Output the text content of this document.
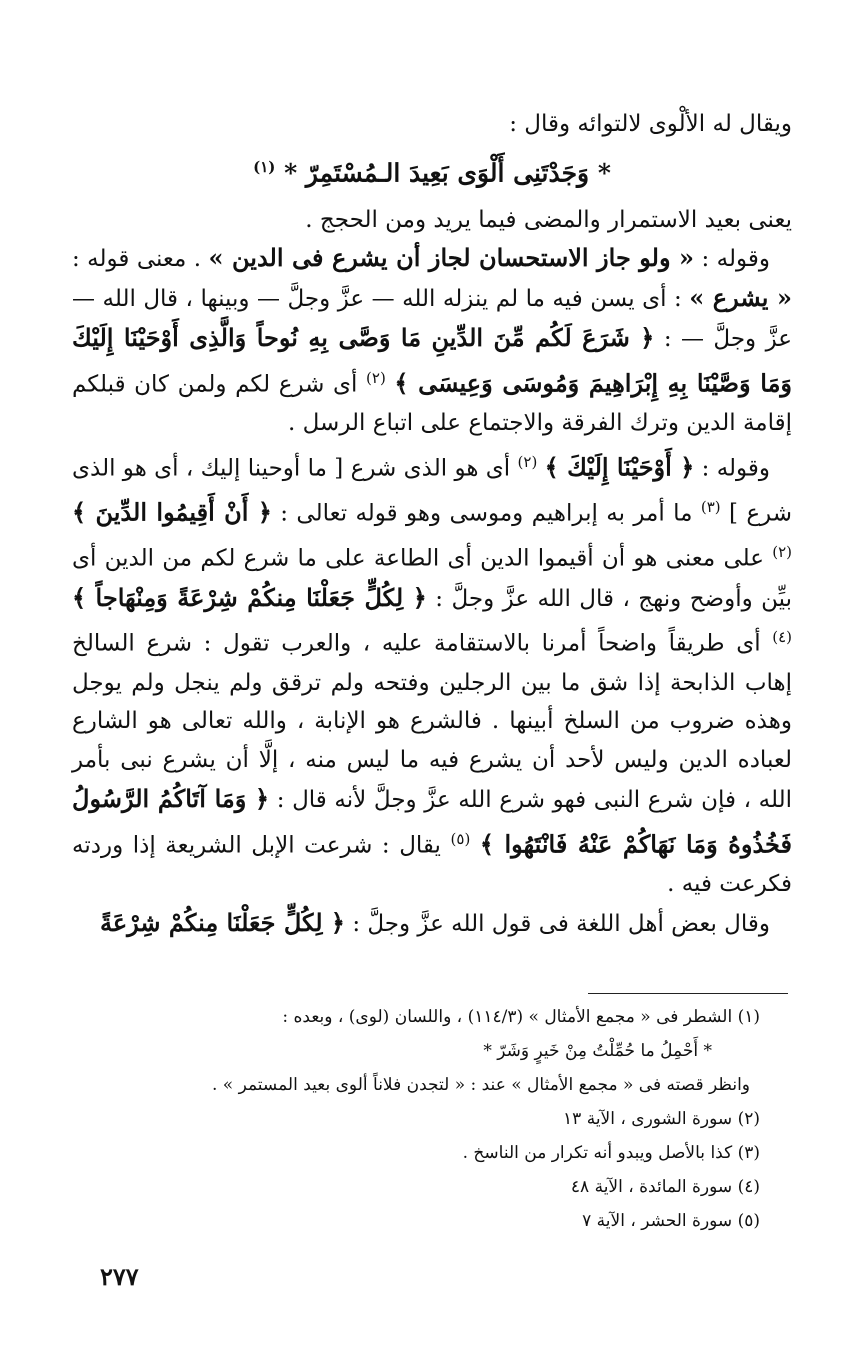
ويقال له الألْوى لالتوائه وقال :

* وَجَدْتَنِى أَلْوَى بَعِيدَ الـمُسْتَمِرّ * $^{(١)}$

يعنى بعيد الاستمرار والمضى فيما يريد ومن الحجج .

وقوله : « ولو جاز الاستحسان لجاز أن يشرع فى الدين » . معنى قوله : « يشرع » : أى يسن فيه ما لم ينزله الله — عزَّ وجلَّ — وبينها ، قال الله — عزَّ وجلَّ — : ﴿ شَرَعَ لَكُم مِّنَ الدِّينِ مَا وَصَّى بِهِ نُوحاً وَالَّذِى أَوْحَيْنَا إِلَيْكَ وَمَا وَصَّيْنَا بِهِ إِبْرَاهِيمَ وَمُوسَى وَعِيسَى ﴾ $^{(٢)}$ أى شرع لكم ولمن كان قبلكم إقامة الدين وترك الفرقة والاجتماع على اتباع الرسل .

وقوله : ﴿ أَوْحَيْنَا إِلَيْكَ ﴾ $^{(٢)}$ أى هو الذى شرع [ ما أوحينا إليك ، أى هو الذى شرع ] $^{(٣)}$ ما أمر به إبراهيم وموسى وهو قوله تعالى : ﴿ أَنْ أَقِيمُوا الدِّينَ ﴾ $^{(٢)}$ على معنى هو أن أقيموا الدين أى الطاعة على ما شرع لكم من الدين أى بيِّن وأوضح ونهج ، قال الله عزَّ وجلَّ : ﴿ لِكُلٍّ جَعَلْنَا مِنكُمْ شِرْعَةً وَمِنْهَاجاً ﴾ $^{(٤)}$ أى طريقاً واضحاً أمرنا بالاستقامة عليه ، والعرب تقول : شرع السالخ إهاب الذابحة إذا شق ما بين الرجلين وفتحه ولم ترقق ولم ينجل ولم يوجل وهذه ضروب من السلخ أبينها . فالشرع هو الإنابة ، والله تعالى هو الشارع لعباده الدين وليس لأحد أن يشرع فيه ما ليس منه ، إلَّا أن يشرع نبى بأمر الله ، فإن شرع النبى فهو شرع الله عزَّ وجلَّ لأنه قال : ﴿ وَمَا آتَاكُمُ الرَّسُولُ فَخُذُوهُ وَمَا نَهَاكُمْ عَنْهُ فَانْتَهُوا ﴾ $^{(٥)}$ يقال : شرعت الإبل الشريعة إذا وردته فكرعت فيه .

وقال بعض أهل اللغة فى قول الله عزَّ وجلَّ : ﴿ لِكُلٍّ جَعَلْنَا مِنكُمْ شِرْعَةً

(١) الشطر فى « مجمع الأمثال » (١١٤/٣) ، واللسان (لوى) ، وبعده :

* أَحْمِلُ ما حُمِّلْتُ مِنْ خَيرٍ وَشَرّ *

وانظر قصته فى « مجمع الأمثال » عند : « لتجدن فلاناً ألوى بعيد المستمر » .

(٢) سورة الشورى ، الآية ١٣

(٣) كذا بالأصل ويبدو أنه تكرار من الناسخ .

(٤) سورة المائدة ، الآية ٤٨

(٥) سورة الحشر ، الآية ٧

٢٧٧
